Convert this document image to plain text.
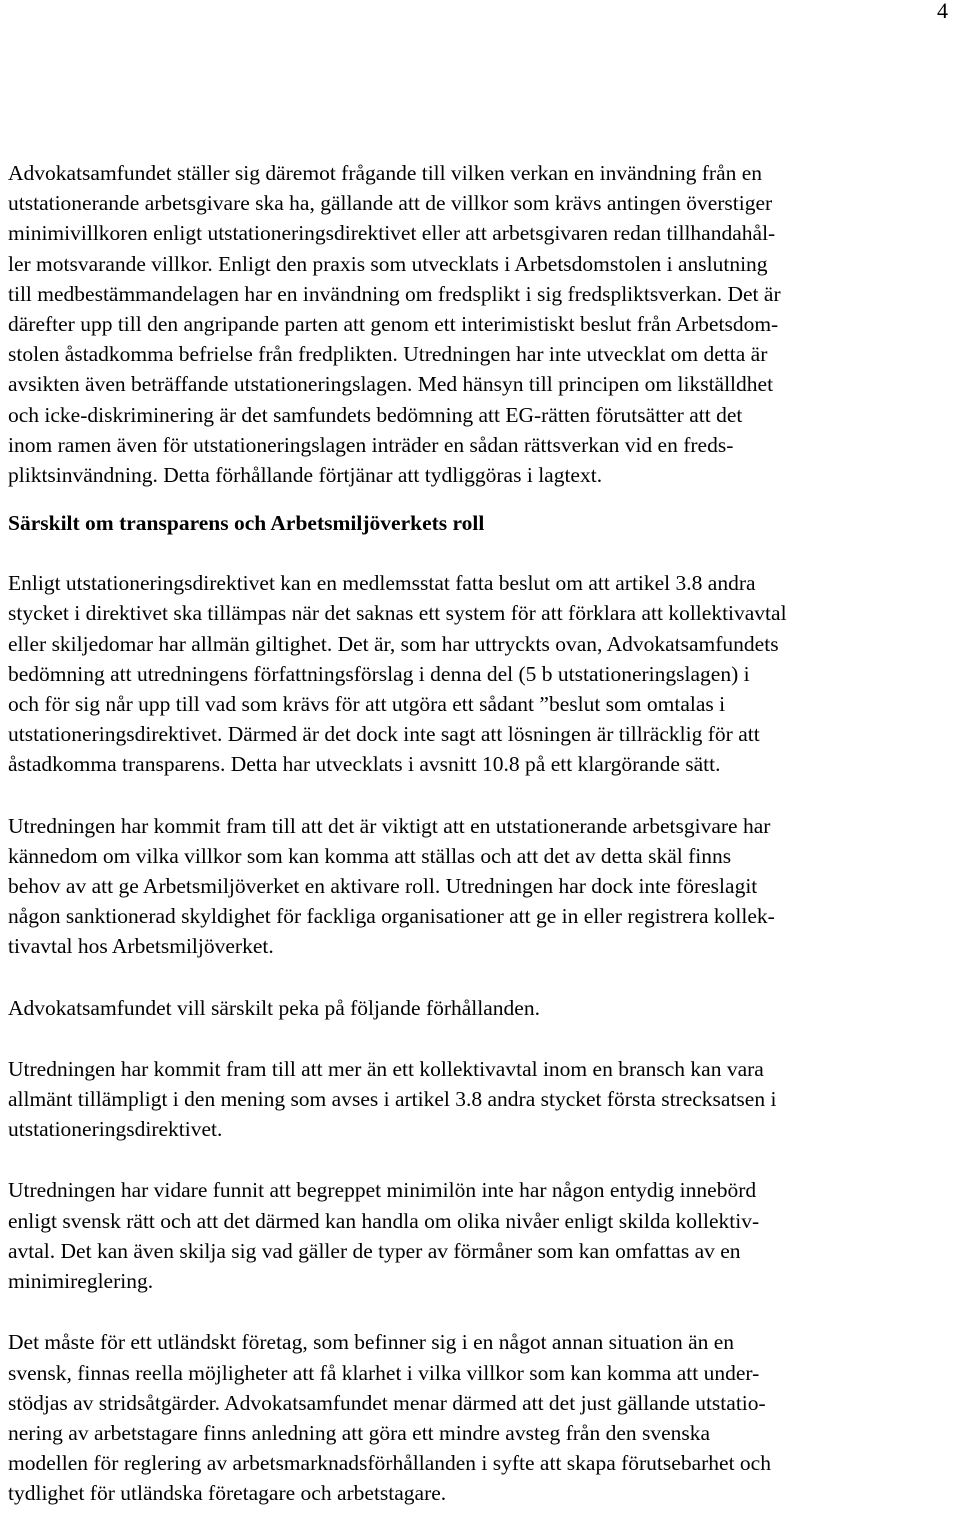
4

Advokatsamfundet ställer sig däremot frågande till vilken verkan en invändning från en
utstationerande arbetsgivare ska ha, gällande att de villkor som krävs antingen överstiger
minimivillkoren enligt utstationeringsdirektivet eller att arbetsgivaren redan tillhandahål-
ler motsvarande villkor. Enligt den praxis som utvecklats i Arbetsdomstolen i anslutning
till medbestämmandelagen har en invändning om fredsplikt i sig fredspliktsverkan. Det är
därefter upp till den angripande parten att genom ett interimistiskt beslut från Arbetsdom-
stolen åstadkomma befrielse från fredplikten. Utredningen har inte utvecklat om detta är
avsikten även beträffande utstationeringslagen. Med hänsyn till principen om likställdhet
och icke-diskriminering är det samfundets bedömning att EG-rätten förutsätter att det
inom ramen även för utstationeringslagen inträder en sådan rättsverkan vid en freds-
pliktsinvändning. Detta förhållande förtjänar att tydliggöras i lagtext.

Särskilt om transparens och Arbetsmiljöverkets roll

Enligt utstationeringsdirektivet kan en medlemsstat fatta beslut om att artikel 3.8 andra
stycket i direktivet ska tillämpas när det saknas ett system för att förklara att kollektivavtal
eller skiljedomar har allmän giltighet. Det är, som har uttryckts ovan, Advokatsamfundets
bedömning att utredningens författningsförslag i denna del (5 b utstationeringslagen) i
och för sig når upp till vad som krävs för att utgöra ett sådant ”beslut som omtalas i
utstationeringsdirektivet. Därmed är det dock inte sagt att lösningen är tillräcklig för att
åstadkomma transparens. Detta har utvecklats i avsnitt 10.8 på ett klargörande sätt.

Utredningen har kommit fram till att det är viktigt att en utstationerande arbetsgivare har
kännedom om vilka villkor som kan komma att ställas och att det av detta skäl finns
behov av att ge Arbetsmiljöverket en aktivare roll. Utredningen har dock inte föreslagit
någon sanktionerad skyldighet för fackliga organisationer att ge in eller registrera kollek-
tivavtal hos Arbetsmiljöverket.

Advokatsamfundet vill särskilt peka på följande förhållanden.

Utredningen har kommit fram till att mer än ett kollektivavtal inom en bransch kan vara
allmänt tillämpligt i den mening som avses i artikel 3.8 andra stycket första strecksatsen i
utstationeringsdirektivet.

Utredningen har vidare funnit att begreppet minimilön inte har någon entydig innebörd
enligt svensk rätt och att det därmed kan handla om olika nivåer enligt skilda kollektiv-
avtal. Det kan även skilja sig vad gäller de typer av förmåner som kan omfattas av en
minimireglering.

Det måste för ett utländskt företag, som befinner sig i en något annan situation än en
svensk, finnas reella möjligheter att få klarhet i vilka villkor som kan komma att under-
stödjas av stridsåtgärder. Advokatsamfundet menar därmed att det just gällande utstatio-
nering av arbetstagare finns anledning att göra ett mindre avsteg från den svenska
modellen för reglering av arbetsmarknadsförhållanden i syfte att skapa förutsebarhet och
tydlighet för utländska företagare och arbetstagare.
